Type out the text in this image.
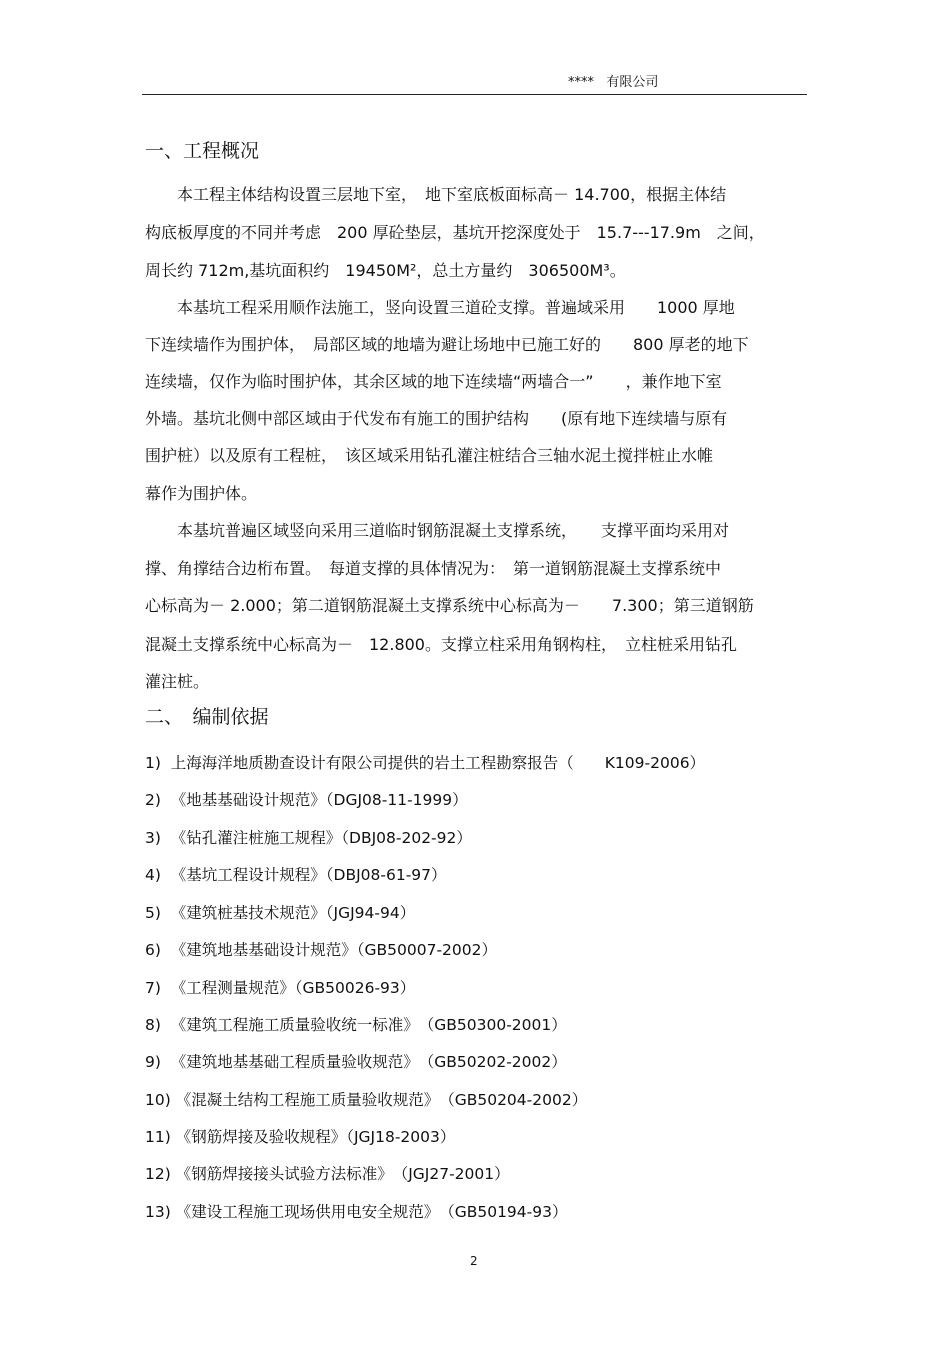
****   有限公司
一、工程概况
　　本工程主体结构设置三层地下室，　地下室底板面标高－ 14.700，根据主体结
构底板厚度的不同并考虑　200 厚砼垫层，基坑开挖深度处于　15.7---17.9m　之间，
周长约 712m,基坑面积约　19450M²，总土方量约　306500M³。
　　本基坑工程采用顺作法施工，竖向设置三道砼支撑。普遍域采用　　1000 厚地
下连续墙作为围护体，　局部区域的地墙为避让场地中已施工好的　　800 厚老的地下
连续墙，仅作为临时围护体，其余区域的地下连续墙“两墙合一”　　，兼作地下室
外墙。基坑北侧中部区域由于代发布有施工的围护结构　　(原有地下连续墙与原有
围护桩）以及原有工程桩，　该区域采用钻孔灌注桩结合三轴水泥土搅拌桩止水帷
幕作为围护体。
　　本基坑普遍区域竖向采用三道临时钢筋混凝土支撑系统，　　支撑平面均采用对
撑、角撑结合边桁布置。　每道支撑的具体情况为：　第一道钢筋混凝土支撑系统中
心标高为－ 2.000；第二道钢筋混凝土支撑系统中心标高为－　　7.300；第三道钢筋
混凝土支撑系统中心标高为－　12.800。支撑立柱采用角钢构柱，　立柱桩采用钻孔
灌注桩。
二、　编制依据
1)  上海海洋地质勘查设计有限公司提供的岩土工程勘察报告（　　K109-2006）
2)  《地基基础设计规范》（DGJ08-11-1999）
3)  《钻孔灌注桩施工规程》（DBJ08-202-92）
4)  《基坑工程设计规程》（DBJ08-61-97）
5)  《建筑桩基技术规范》（JGJ94-94）
6)  《建筑地基基础设计规范》（GB50007-2002）
7)  《工程测量规范》（GB50026-93）
8)  《建筑工程施工质量验收统一标准》　（GB50300-2001）
9)  《建筑地基基础工程质量验收规范》　（GB50202-2002）
10) 《混凝土结构工程施工质量验收规范》　（GB50204-2002）
11) 《钢筋焊接及验收规程》（JGJ18-2003）
12) 《钢筋焊接接头试验方法标准》　（JGJ27-2001）
13) 《建设工程施工现场供用电安全规范》　（GB50194-93）
2
